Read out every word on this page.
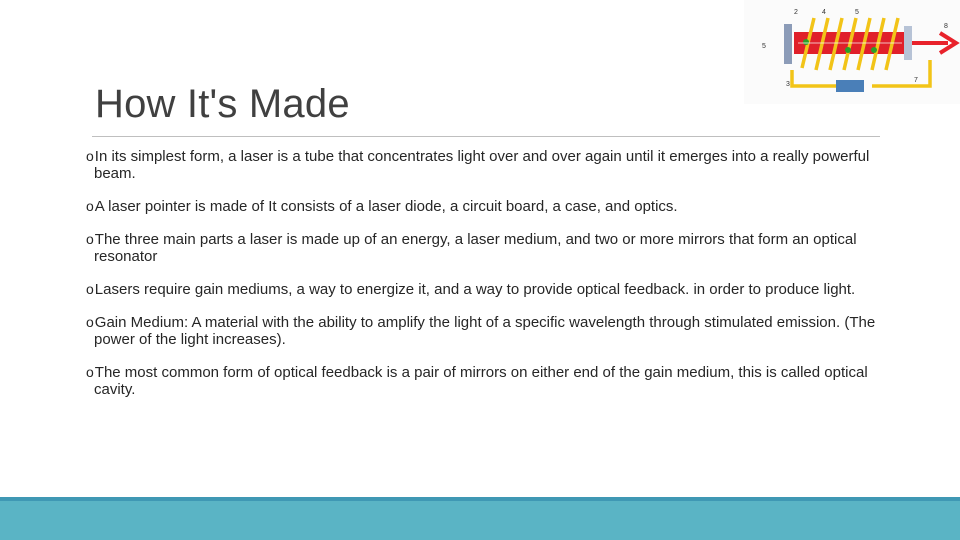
2	4	5
8
5
3
7
How It's Made
oIn its simplest form, a laser is a tube that concentrates light over and over again until it emerges into a really powerful beam.
oA laser pointer is made of It consists of a laser diode, a circuit board, a case, and optics.
oThe three main parts a laser is made up of an energy, a laser medium, and two or more mirrors that form an optical resonator
oLasers require gain mediums, a way to energize it, and a way to provide optical feedback. in order to produce light.
oGain Medium: A material with the ability to amplify the light of a specific wavelength through stimulated emission. (The power of the light increases).
oThe most common form of optical feedback is a pair of mirrors on either end of the gain medium, this is called optical cavity.
